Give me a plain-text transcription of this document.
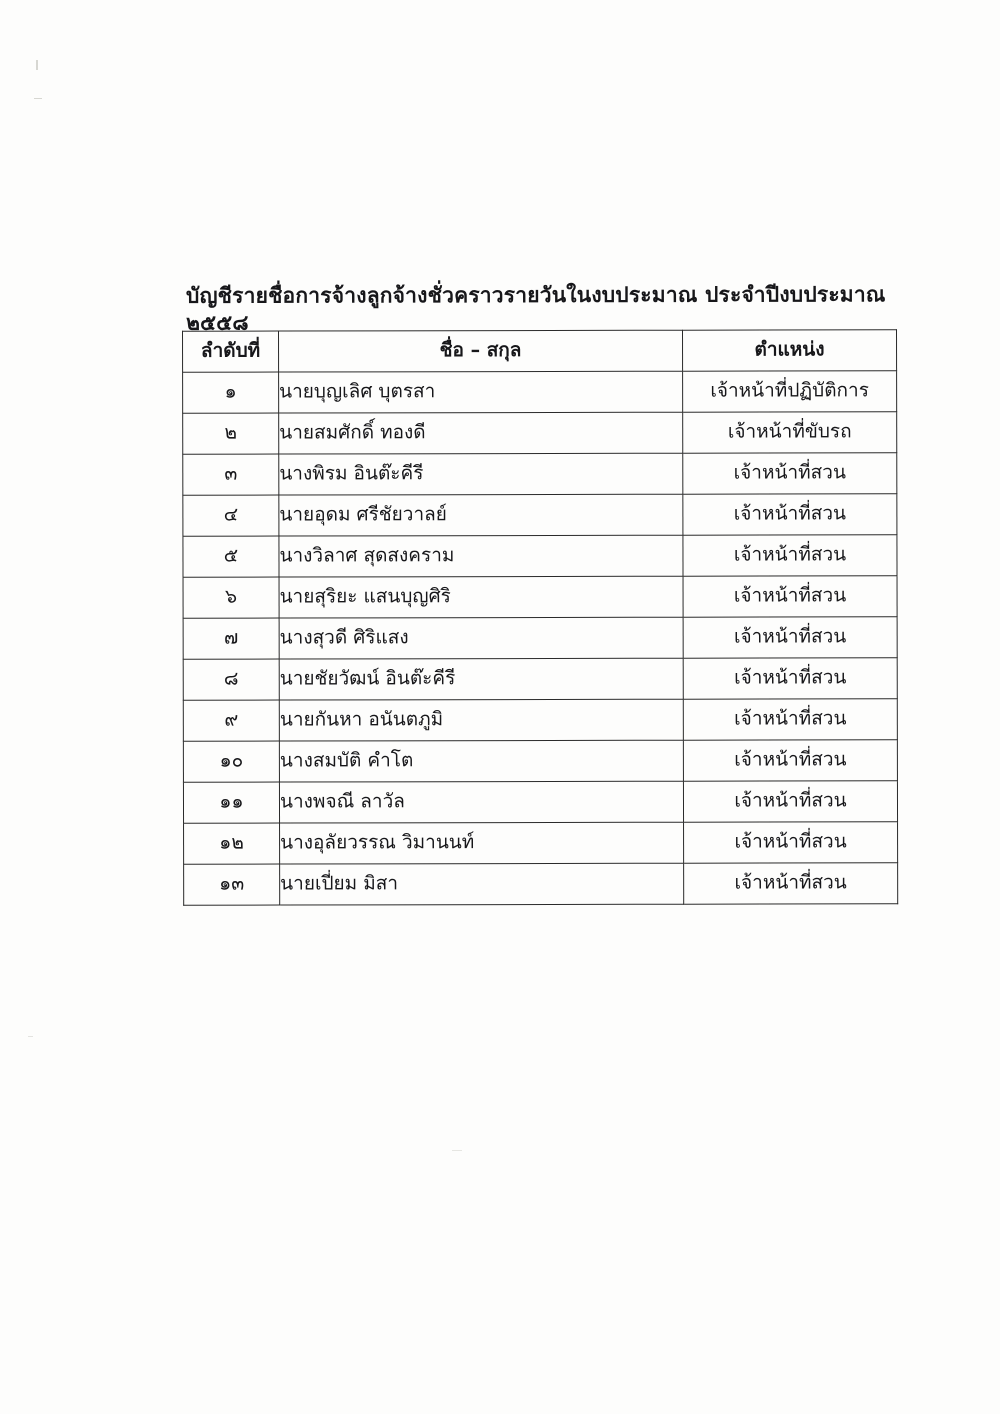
บัญชีรายชื่อการจ้างลูกจ้างชั่วคราวรายวันในงบประมาณ ประจำปีงบประมาณ ๒๕๕๘
ลำดับที่	ชื่อ – สกุล	ตำแหน่ง
๑	นายบุญเลิศ บุตรสา	เจ้าหน้าที่ปฏิบัติการ
๒	นายสมศักดิ์ ทองดี	เจ้าหน้าที่ขับรถ
๓	นางพิรม อินต๊ะคีรี	เจ้าหน้าที่สวน
๔	นายอุดม ศรีชัยวาลย์	เจ้าหน้าที่สวน
๕	นางวิลาศ สุดสงคราม	เจ้าหน้าที่สวน
๖	นายสุริยะ แสนบุญศิริ	เจ้าหน้าที่สวน
๗	นางสุวดี ศิริแสง	เจ้าหน้าที่สวน
๘	นายชัยวัฒน์ อินต๊ะคีรี	เจ้าหน้าที่สวน
๙	นายกันหา อนันตภูมิ	เจ้าหน้าที่สวน
๑๐	นางสมบัติ คำโต	เจ้าหน้าที่สวน
๑๑	นางพจณี ลาวัล	เจ้าหน้าที่สวน
๑๒	นางอุลัยวรรณ วิมานนท์	เจ้าหน้าที่สวน
๑๓	นายเปี่ยม มิสา	เจ้าหน้าที่สวน
